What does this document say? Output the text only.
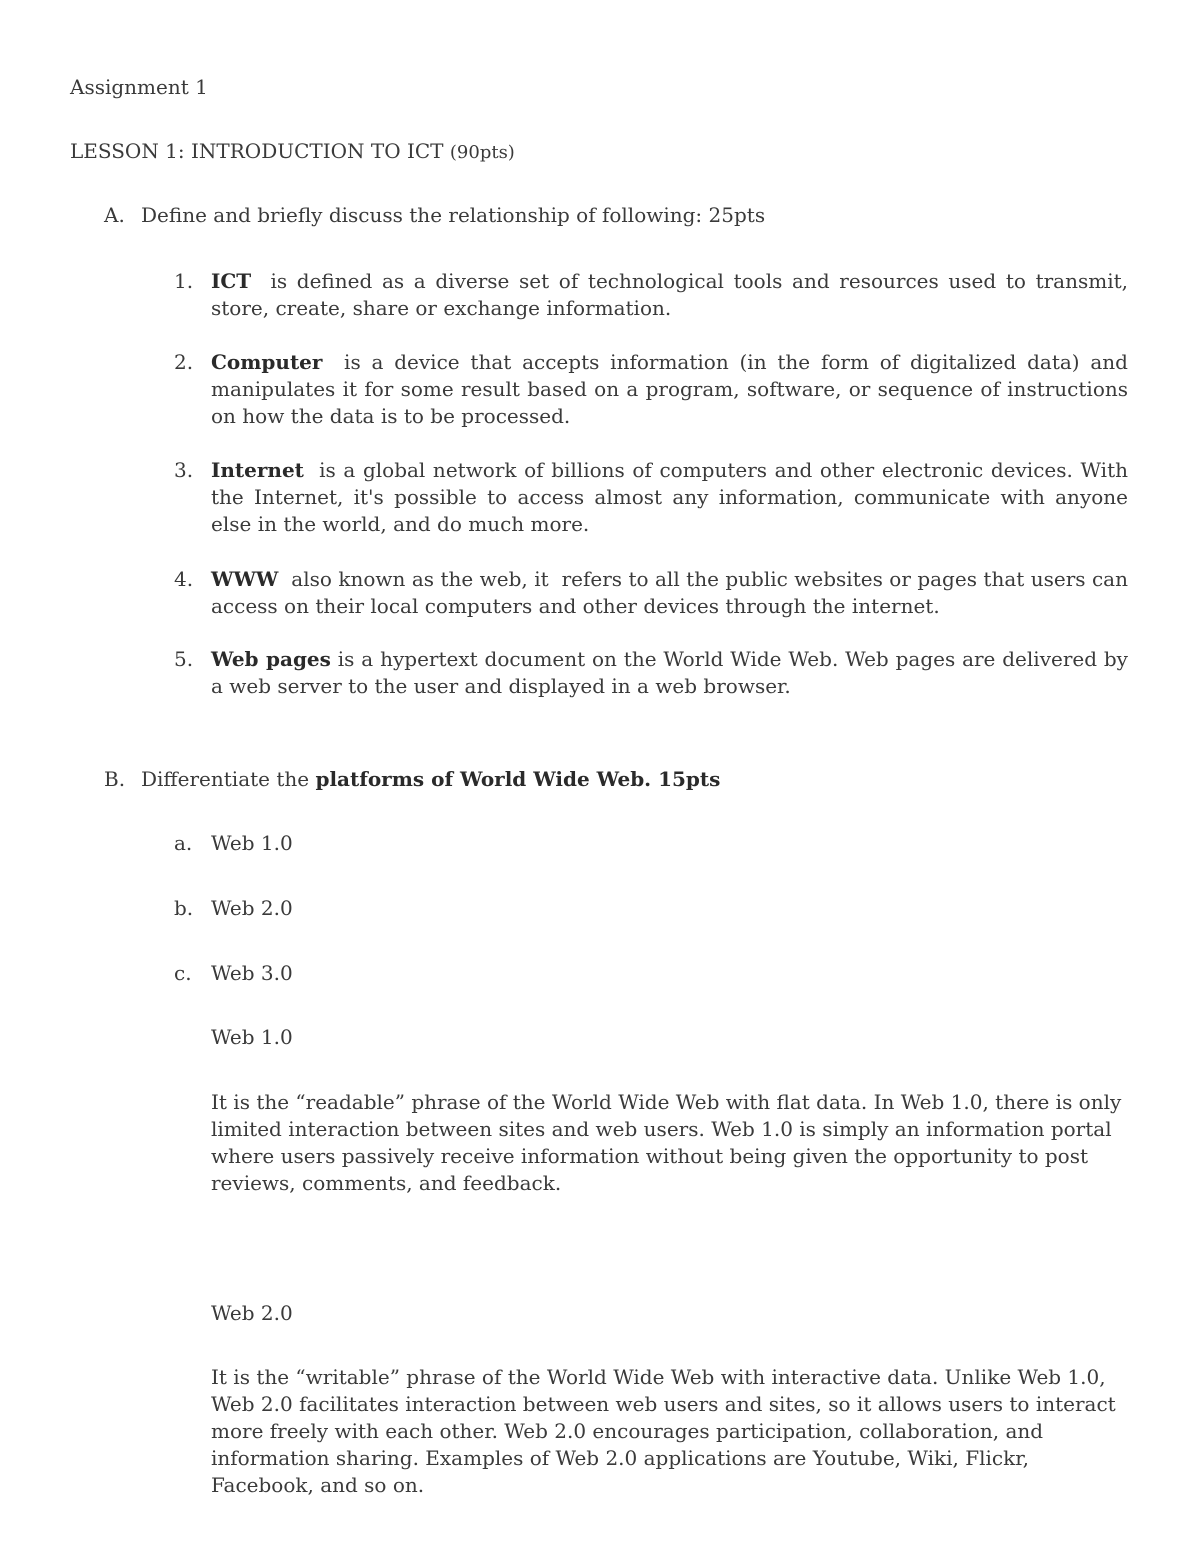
Assignment 1
LESSON 1: INTRODUCTION TO ICT (90pts)
A. Define and briefly discuss the relationship of following: 25pts
1. ICT  is defined as a diverse set of technological tools and resources used to transmit, store, create, share or exchange information.
2. Computer  is a device that accepts information (in the form of digitalized data) and manipulates it for some result based on a program, software, or sequence of instructions on how the data is to be processed.
3. Internet  is a global network of billions of computers and other electronic devices. With the Internet, it's possible to access almost any information, communicate with anyone else in the world, and do much more.
4. WWW  also known as the web, it  refers to all the public websites or pages that users can access on their local computers and other devices through the internet.
5. Web pages is a hypertext document on the World Wide Web. Web pages are delivered by a web server to the user and displayed in a web browser.
B. Differentiate the platforms of World Wide Web. 15pts
a. Web 1.0
b. Web 2.0
c. Web 3.0
Web 1.0
It is the “readable” phrase of the World Wide Web with flat data. In Web 1.0, there is only limited interaction between sites and web users. Web 1.0 is simply an information portal where users passively receive information without being given the opportunity to post reviews, comments, and feedback.
Web 2.0
It is the “writable” phrase of the World Wide Web with interactive data. Unlike Web 1.0, Web 2.0 facilitates interaction between web users and sites, so it allows users to interact more freely with each other. Web 2.0 encourages participation, collaboration, and information sharing. Examples of Web 2.0 applications are Youtube, Wiki, Flickr, Facebook, and so on.
